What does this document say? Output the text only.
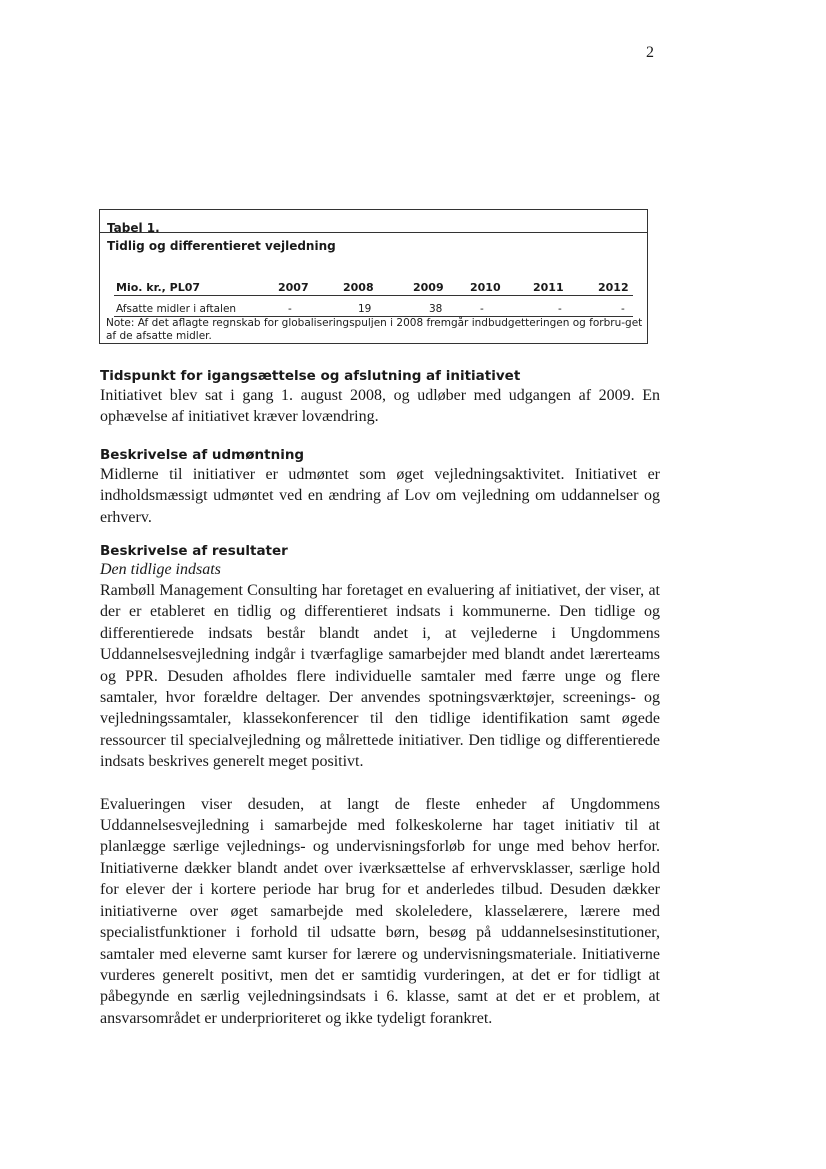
2
Tabel 1.
Tidlig og differentieret vejledning
Mio. kr., PL07	2007	2008	2009 2010	2011	2012
Afsatte midler i aftalen	-	19	38	-	-	-
Note: Af det aflagte regnskab for globaliseringspuljen i 2008 fremgår indbudgetteringen og forbru-get af de afsatte midler.
Tidspunkt for igangsættelse og afslutning af initiativet

Initiativet blev sat i gang 1. august 2008, og udløber med udgangen af 2009. En ophævelse af initiativet kræver lovændring.

Beskrivelse af udmøntning

Midlerne til initiativer er udmøntet som øget vejledningsaktivitet. Initiativet er indholdsmæssigt udmøntet ved en ændring af Lov om vejledning om uddannelser og erhverv.

Beskrivelse af resultater
Den tidlige indsats

Rambøll Management Consulting har foretaget en evaluering af initiativet, der viser, at der er etableret en tidlig og differentieret indsats i kommunerne. Den tidlige og differentierede indsats består blandt andet i, at vejlederne i Ungdommens Uddannelsesvejledning indgår i tværfaglige samarbejder med blandt andet lærerteams og PPR. Desuden afholdes flere individuelle samtaler med færre unge og flere samtaler, hvor forældre deltager. Der anvendes spotningsværktøjer, screenings- og vejledningssamtaler, klassekonferencer til den tidlige identifikation samt øgede ressourcer til specialvejledning og målrettede initiativer. Den tidlige og differentierede indsats beskrives generelt meget positivt.

Evalueringen viser desuden, at langt de fleste enheder af Ungdommens Uddannelsesvejledning i samarbejde med folkeskolerne har taget initiativ til at planlægge særlige vejlednings- og undervisningsforløb for unge med behov herfor. Initiativerne dækker blandt andet over iværksættelse af erhvervsklasser, særlige hold for elever der i kortere periode har brug for et anderledes tilbud. Desuden dækker initiativerne over øget samarbejde med skoleledere, klasselærere, lærere med specialistfunktioner i forhold til udsatte børn, besøg på uddannelsesinstitutioner, samtaler med eleverne samt kurser for lærere og undervisningsmateriale. Initiativerne vurderes generelt positivt, men det er samtidig vurderingen, at det er for tidligt at påbegynde en særlig vejledningsindsats i 6. klasse, samt at det er et problem, at ansvarsområdet er underprioriteret og ikke tydeligt forankret.
